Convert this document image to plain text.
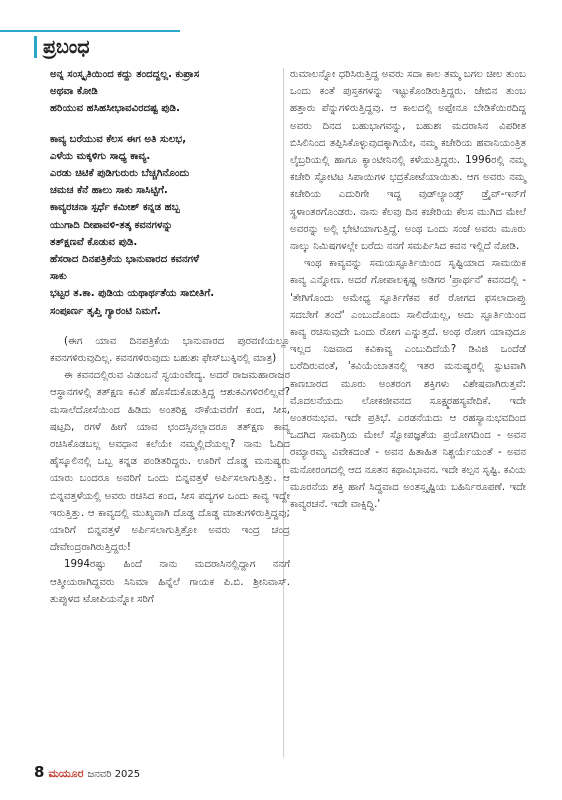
ಪ್ರಬಂಧ

ಅನ್ನ ಸಂಸ್ಕೃತಿಯಿಂದ ಕದ್ದು ತಂದದ್ದಲ್ಲ. ಕುಪ್ರಾಸ

ಅಥವಾ ಕೋಡಿ

ಹರಿಯುವ ಹಸಿಹಸೀಭಾವವಿರದಷ್ಟ ಪುಡಿ.

ಕಾವ್ಯ ಬರೆಯುವ ಕೆಲಸ ಈಗ ಅತಿ ಸುಲಭ,

ಎಳೆಯ ಮಕ್ಕಳಿಗು ಸಾಧ್ಯ ಕಾವ್ಯ.

ಎರಡು ಚಿಟಿಕೆ ಪುಡಿಗುರುರು ಬೆಚ್ಚಗಿನೊಂದು

ಚಮಚ ಕೆನೆ ಹಾಲು ಸಾಕು ಸಾಸಿಟ್ಟಿಗೆ.

ಕಾವ್ಯರಚನಾ ಸ್ಪರ್ಧೆ ಕಮೀಶ್ ಕನ್ನಡ ಹಬ್ಬ

ಯುಗಾದಿ ದೀಪಾವಳಿ-ತತ್ಕ ಕವನಗಳನ್ನು

ತತ್‌ಕ್ಷಣವೆ ಕೊಡುವ ಪುಡಿ.

ಹೆಸರಾದ ದಿನಪತ್ರಿಕೆಯ ಭಾನುವಾರದ ಕವನಗಳೆ

ಸಾಕು

ಭಟ್ಟರ ತ.ಕಾ. ಪುಡಿಯ ಯಥಾರ್ಥತೆಯ ಸಾಬೀತಿಗೆ.

ಸಂಪೂರ್ಣ ತೃಪ್ತಿ ಗ್ಯಾರಂಟಿ ನಿಮಗೆ.

(ಈಗ ಯಾವ ದಿನಪತ್ರಿಕೆಯ ಭಾನುವಾರದ ಪುರವಣಿಯಲ್ಲೂ ಕವನಗಳಿರುವುದಿಲ್ಲ. ಕವನಗಳಿರುವುದು ಬಹುಶಃ ಫೇಸ್‌ಬುಕ್ಕಿನಲ್ಲಿ ಮಾತ್ರ)

ಈ ಕವನದಲ್ಲಿರುವ ವಿಡಂಬನೆ ಸ್ವಯಂವೇದ್ಯ. ಅದರೆ ರಾಜಮಹಾರಾಜರ ಆಸ್ಥಾನಗಳಲ್ಲಿ ತತ್‌ಕ್ಷಣ ಕವಿತೆ ಹೊಸೆದುಕೊಡುತ್ತಿದ್ದ ಆಶುಕವಿಗಳಿರಲಿಲ್ಲವೆ? ಮಸಾಲೆದೋಸೆಯಿಂದ ಹಿಡಿದು ಅಂತರಿಕ್ಷ ನೌಕೆಯವರೆಗೆ ಕಂದ, ಸೀಸ, ಷಟ್ಪದಿ, ರಗಳೆ ಹೀಗೆ ಯಾವ ಛಂದಸ್ಸಿನಲ್ಲಾದರೂ ತತ್‌ಕ್ಷಣ ಕಾವ್ಯ ರಚಿಸಿಕೊಡಬಲ್ಲ ಅವಧಾನ ಕಲೆಯೇ ನಮ್ಮಲ್ಲಿದೆಯಲ್ಲ? ನಾನು ಓದಿದ ಹೈಸ್ಕೂಲಿನಲ್ಲಿ ಒಬ್ಬ ಕನ್ನಡ ಪಂಡಿತರಿದ್ದರು. ಊರಿಗೆ ದೊಡ್ಡ ಮನುಷ್ಯರು ಯಾರು ಬಂದರೂ ಅವರಿಗೆ ಒಂದು ಬಿನ್ನವತ್ತಳೆ ಅರ್ಪಿಸಲಾಗುತ್ತಿತ್ತು. ಆ ಬಿನ್ನವತ್ತಳೆಯಲ್ಲಿ ಅವರು ರಚಿಸಿದ ಕಂದ, ಸೀಸ ಪದ್ಯಗಳ ಒಂದು ಕಾವ್ಯ ಇದ್ದೇ ಇರುತ್ತಿತ್ತು. ಆ ಕಾವ್ಯದಲ್ಲಿ ಮುಖ್ಯವಾಗಿ ದೊಡ್ಡ ದೊಡ್ಡ ಮಾತುಗಳಿರುತ್ತಿದ್ದವು; ಯಾರಿಗೆ ಬಿನ್ನವತ್ತಳೆ ಅರ್ಪಿಸಲಾಗುತ್ತಿತ್ತೋ ಅವರು ಇಂದ್ರ ಚಂದ್ರ ದೇವೇಂದ್ರರಾಗಿರುತ್ತಿದ್ದರು!

1994ರಷ್ಟು ಹಿಂದೆ ನಾನು ಮದರಾಸಿನಲ್ಲಿದ್ದಾಗ ನನಗೆ ಆತ್ಮೀಯರಾಗಿದ್ದವರು ಸಿನಿಮಾ ಹಿನ್ನೆಲೆ ಗಾಯಕ ಪಿ.ಬಿ. ಶ್ರೀನಿವಾಸ್. ತುಪ್ಪುಳದ ಟೋಪಿಯನ್ನೋ ಸರಿಗೆ

ರುಮಾಲನ್ನೋ ಧರಿಸಿರುತ್ತಿದ್ದ ಅವರು ಸದಾ ಕಾಲ ತಮ್ಮ ಬಗಲ ಚೀಲ ತುಂಬ ಒಂದು ಕಂತೆ ಪುಸ್ತಕಗಳನ್ನು ಇಟ್ಟುಕೊಂಡಿರುತ್ತಿದ್ದರು. ಜೇಬಿನ ತುಂಬ ಹತ್ತಾರು ಪೆನ್ನುಗಳಿರುತ್ತಿದ್ದವು. ಆ ಕಾಲದಲ್ಲಿ ಅಪ್ಪೇನೂ ಬೇಡಿಕೆಯಿರದಿದ್ದ ಅವರು ದಿನದ ಬಹುಭಾಗವನ್ನು, ಬಹುಶಃ ಮದರಾಸಿನ ವಿಪರೀತ ಬಿಸಿಲಿನಿಂದ ತಪ್ಪಿಸಿಕೊಳ್ಳುವುದಕ್ಕಾಗಿಯೇ, ನಮ್ಮ ಕಚೇರಿಯ ಹವಾನಿಯಂತ್ರಿತ ಲೈಬ್ರರಿಯಲ್ಲಿ ಹಾಗೂ ಕ್ಯಾಂಟೀನಿನಲ್ಲಿ ಕಳೆಯುತ್ತಿದ್ದರು. 1996ರಲ್ಲಿ ನಮ್ಮ ಕಚೇರಿ ಸ್ಫೋಟಿಟ ಸಿಪಾಯಿಗಳ ಭದ್ರಕೋಟೆಯಾಯಿತು. ಆಗ ಅವರು ನಮ್ಮ ಕಚೇರಿಯ ಎದುರಿಗೇ ಇದ್ದ ವುಡ್‌ಲ್ಯಾಂಡ್ಸ್ ಡ್ರೈವ್-ಇನ್‌ಗೆ ಸ್ಥಳಾಂತರಗೊಂಡರು. ನಾನು ಕೆಲವು ದಿನ ಕಚೇರಿಯ ಕೆಲಸ ಮುಗಿದ ಮೇಲೆ ಅವರನ್ನು ಅಲ್ಲಿ ಭೇಟಿಯಾಗುತ್ತಿದ್ದೆ. ಅಂಥ ಒಂದು ಸಂಜೆ ಅವರು ಮೂರು ನಾಲ್ಕು ನಿಮಿಷಗಳಲ್ಲೇ ಬರೆದು ನನಗೆ ಸಮರ್ಪಿಸಿದ ಕವನ ಇಲ್ಲಿದೆ ನೋಡಿ.

ಇಂಥ ಕಾವ್ಯವನ್ನು ಸಮಯಸ್ಫೂರ್ತಿಯಿಂದ ಸೃಷ್ಟಿಯಾದ ಸಾಮಯಿಕ ಕಾವ್ಯ ಎನ್ನೋಣ. ಅದರೆ ಗೋಪಾಲಕೃಷ್ಣ ಅಡಿಗರ 'ಪ್ರಾರ್ಥನೆ' ಕವನದಲ್ಲಿ - 'ತೇಗಿಗೊಂದು ಅಮೇಧ್ಯ ಸ್ಫೂರ್ತಿಗೆಕವ ಕರೆ ರೋಗದ ಫಸಲಾದಾಪ್ತು ಸದಬೇಗೆ ತಂದೆ' ಎಂಬುದೊಂದು ಸಾಲಿದೆಯಲ್ಲ, ಅದು ಸ್ಫೂರ್ತಿಯಿಂದ ಕಾವ್ಯ ರಚಿಸುವುದೇ ಒಂದು ರೋಗ ಎನ್ನುತ್ತದೆ. ಅಂಥ ರೋಗ ಯಾವುದೂ ಇಲ್ಲದ ನಿಜವಾದ ಕವಿಕಾವ್ಯ ಎಂಬುದಿದೆಯೆ? ಡಿವಿಜಿ ಒಂದೆಡೆ ಬರೆದಿರುವಂತೆ, 'ಕವಿಯೆಂಬಾತನಲ್ಲಿ ಇತರ ಮನುಷ್ಯರಲ್ಲಿ ಸ್ಫುಟವಾಗಿ ಕಾಣಬಾರದ ಮೂರು ಅಂತರಂಗ ಶಕ್ತಿಗಳು ವಿಶೇಷವಾಗಿರುತ್ತವೆ: ಮೊದಲನೆಯದು ಲೋಕಜೀವನದ ಸೂಕ್ಷ್ಮರಹಸ್ಯವೇದಿಕೆ. ಇದೇ ಅಂತರನುಭವ. ಇದೇ ಪ್ರತಿಭೆ. ಎರಡನೆಯದು ಆ ರಹಸ್ಯಾನುಭವದಿಂದ ಒದಗಿದ ಸಾಮಗ್ರಿಯ ಮೇಲೆ ಸ್ವೋಪಜ್ಞತೆಯ ಪ್ರಯೋಗದಿಂದ - ಅವನ ರಮ್ಯಾರಮ್ಯ ವಿವೇಕದಂತೆ - ಅವನ ಹಿತಾಹಿತ ನಿಶ್ಚರ್ಯೆಯಂತೆ - ಅವನ ಮನೋರಂಗದಲ್ಲಿ ಆದ ನೂತನ ಕಥಾವಿಭಾವನ. ಇದೇ ಕಲ್ಪನ ಸೃಷ್ಟಿ. ಕವಿಯ ಮೂರನೆಯ ಶಕ್ತಿ ಹಾಗೆ ಸಿದ್ಧವಾದ ಅಂತಸ್ಸೃಷ್ಟಿಯ ಬಹಿರ್ನಿರೂಪಣೆ. ಇದೇ ಕಾವ್ಯರಚನೆ. ಇದೇ ವಾಕ್ಸಿದ್ಧಿ.'

8 ಮಯೂರ ಜನವರಿ 2025
